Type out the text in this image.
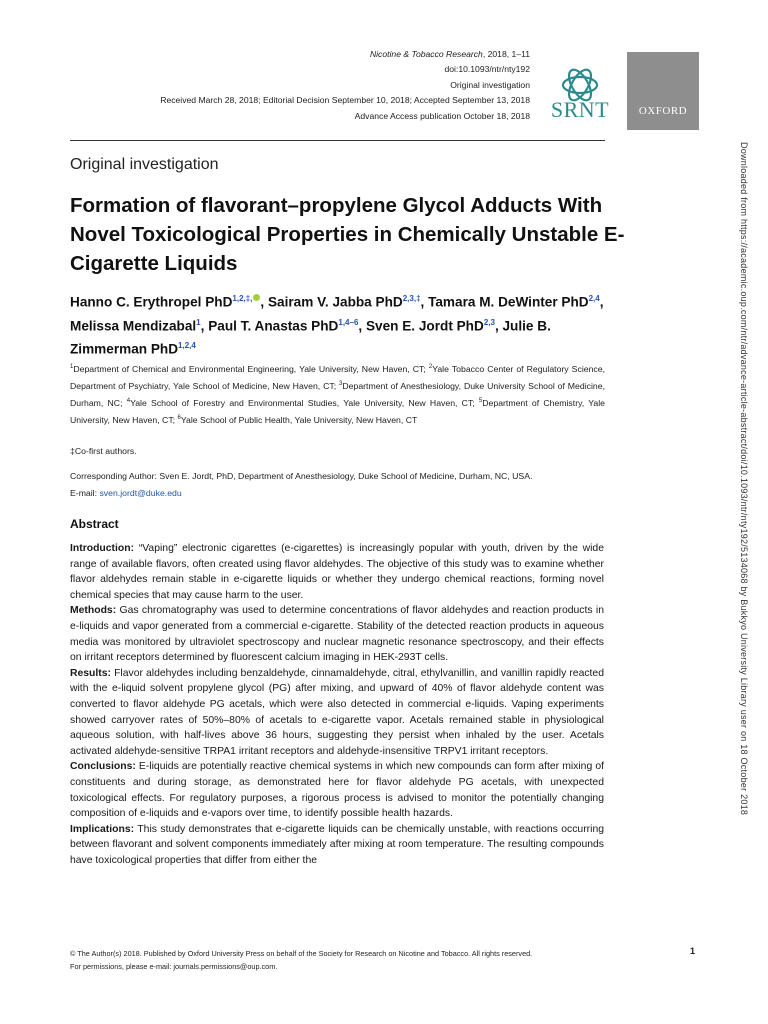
Nicotine & Tobacco Research, 2018, 1–11
doi:10.1093/ntr/nty192
Original investigation
Received March 28, 2018; Editorial Decision September 10, 2018; Accepted September 13, 2018
Advance Access publication October 18, 2018 SRNT	OXFORD
Original investigation
Formation of flavorant–propylene Glycol Adducts With Novel Toxicological Properties in Chemically Unstable E-Cigarette Liquids
Hanno C. Erythropel PhD$^{1,2,\ddagger,}$ , Sairam V. Jabba PhD$^{2,3,\ddagger}$, Tamara M. DeWinter PhD$^{2,4}$, Melissa Mendizabal$^1$, Paul T. Anastas PhD$^{1,4-6}$, Sven E. Jordt PhD$^{2,3}$, Julie B. Zimmerman PhD$^{1,2,4}$
$^1$Department of Chemical and Environmental Engineering, Yale University, New Haven, CT; $^2$Yale Tobacco Center of Regulatory Science, Department of Psychiatry, Yale School of Medicine, New Haven, CT; $^3$Department of Anesthesiology, Duke University School of Medicine, Durham, NC; $^4$Yale School of Forestry and Environmental Studies, Yale University, New Haven, CT; $^5$Department of Chemistry, Yale University, New Haven, CT; $^6$Yale School of Public Health, Yale University, New Haven, CT
‡Co-first authors.
Corresponding Author: Sven E. Jordt, PhD, Department of Anesthesiology, Duke School of Medicine, Durham, NC, USA.
E-mail: sven.jordt@duke.edu
Abstract

Introduction: “Vaping” electronic cigarettes (e-cigarettes) is increasingly popular with youth, driven by the wide range of available flavors, often created using flavor aldehydes. The objective of this study was to examine whether flavor aldehydes remain stable in e-cigarette liquids or whether they undergo chemical reactions, forming novel chemical species that may cause harm to the user.

Methods: Gas chromatography was used to determine concentrations of flavor aldehydes and reaction products in e-liquids and vapor generated from a commercial e-cigarette. Stability of the detected reaction products in aqueous media was monitored by ultraviolet spectroscopy and nuclear magnetic resonance spectroscopy, and their effects on irritant receptors determined by fluorescent calcium imaging in HEK-293T cells.

Results: Flavor aldehydes including benzaldehyde, cinnamaldehyde, citral, ethylvanillin, and vanillin rapidly reacted with the e-liquid solvent propylene glycol (PG) after mixing, and upward of 40% of flavor aldehyde content was converted to flavor aldehyde PG acetals, which were also detected in commercial e-liquids. Vaping experiments showed carryover rates of 50%–80% of acetals to e-cigarette vapor. Acetals remained stable in physiological aqueous solution, with half-lives above 36 hours, suggesting they persist when inhaled by the user. Acetals activated aldehyde-sensitive TRPA1 irritant receptors and aldehyde-insensitive TRPV1 irritant receptors.

Conclusions: E-liquids are potentially reactive chemical systems in which new compounds can form after mixing of constituents and during storage, as demonstrated here for flavor aldehyde PG acetals, with unexpected toxicological effects. For regulatory purposes, a rigorous process is advised to monitor the potentially changing composition of e-liquids and e-vapors over time, to identify possible health hazards.

Implications: This study demonstrates that e-cigarette liquids can be chemically unstable, with reactions occurring between flavorant and solvent components immediately after mixing at room temperature. The resulting compounds have toxicological properties that differ from either the

© The Author(s) 2018. Published by Oxford University Press on behalf of the Society for Research on Nicotine and Tobacco. All rights reserved.
For permissions, please e-mail: journals.permissions@oup.com.
1
Downloaded from https://academic.oup.com/ntr/advance-article-abstract/doi/10.1093/ntr/nty192/5134068 by Bukkyo University Library user on 18 October 2018
